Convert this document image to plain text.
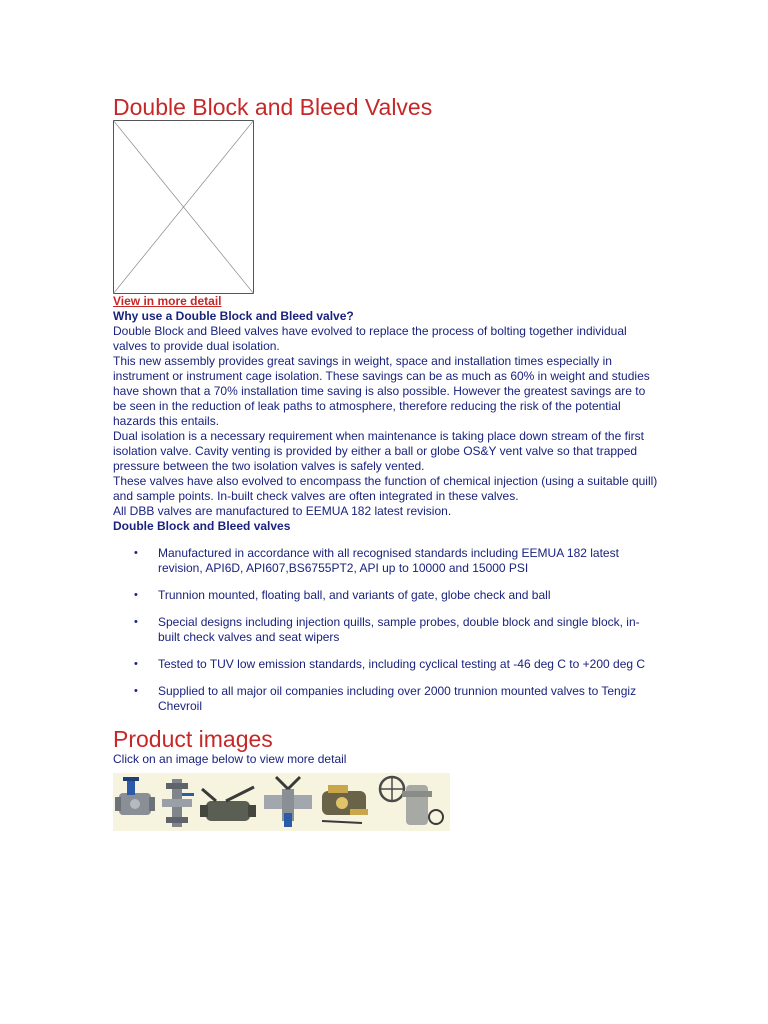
Double Block and Bleed Valves
View in more detail
Why use a Double Block and Bleed valve?

Double Block and Bleed valves have evolved to replace the process of bolting together individual valves to provide dual isolation.

This new assembly provides great savings in weight, space and installation times especially in instrument or instrument cage isolation. These savings can be as much as 60% in weight and studies have shown that a 70% installation time saving is also possible. However the greatest savings are to be seen in the reduction of leak paths to atmosphere, therefore reducing the risk of the potential hazards this entails.

Dual isolation is a necessary requirement when maintenance is taking place down stream of the first isolation valve. Cavity venting is provided by either a ball or globe OS&Y vent valve so that trapped pressure between the two isolation valves is safely vented.

These valves have also evolved to encompass the function of chemical injection (using a suitable quill) and sample points. In-built check valves are often integrated in these valves.

All DBB valves are manufactured to EEMUA 182 latest revision.

Double Block and Bleed valves
• Manufactured in accordance with all recognised standards including EEMUA 182 latest revision, API6D, API607,BS6755PT2, API up to 10000 and 15000 PSI
• Trunnion mounted, floating ball, and variants of gate, globe check and ball
• Special designs including injection quills, sample probes, double block and single block, in-built check valves and seat wipers
• Tested to TUV low emission standards, including cyclical testing at -46 deg C to +200 deg C
• Supplied to all major oil companies including over 2000 trunnion mounted valves to Tengiz Chevroil
Product images
Click on an image below to view more detail
